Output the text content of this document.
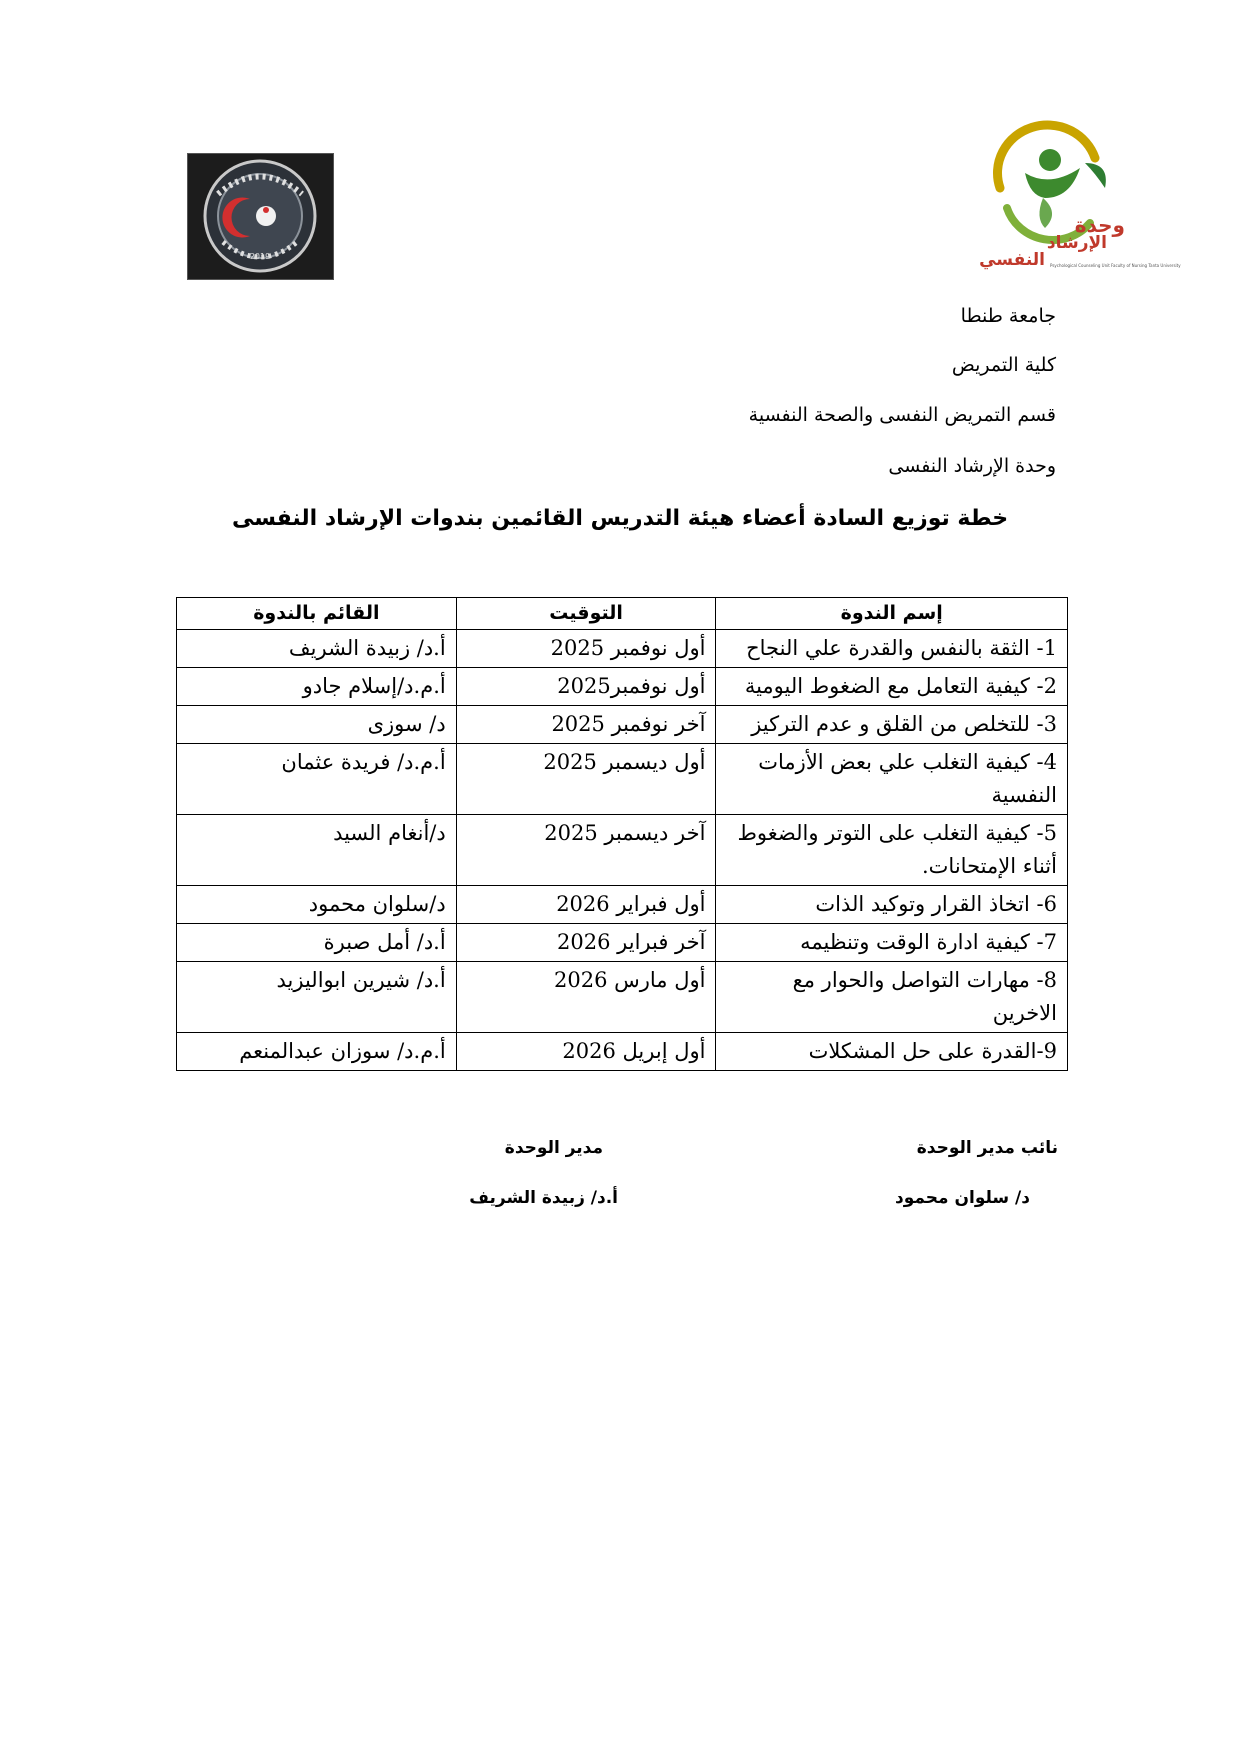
2019
وحدة
الإرشاد
النفسي Psychological Counseling Unit Faculty of Nursing Tanta University
جامعة طنطا
كلية التمريض
قسم التمريض النفسى والصحة النفسية
وحدة الإرشاد النفسى
خطة توزيع السادة أعضاء هيئة التدريس القائمين بندوات الإرشاد النفسى
إسم الندوة	التوقيت	القائم بالندوة
1- الثقة بالنفس والقدرة علي النجاح	أول نوفمبر 2025	أ.د/ زبيدة الشريف
2- كيفية التعامل مع الضغوط اليومية	أول نوفمبر2025	أ.م.د/إسلام جادو
3- للتخلص من القلق و عدم التركيز	آخر نوفمبر 2025	د/ سوزى
4- كيفية التغلب علي بعض الأزمات النفسية	أول ديسمبر 2025	أ.م.د/ فريدة عثمان
5- كيفية التغلب على التوتر والضغوط أثناء الإمتحانات.	آخر ديسمبر 2025	د/أنغام السيد
6- اتخاذ القرار وتوكيد الذات	أول فبراير 2026	د/سلوان محمود
7- كيفية ادارة الوقت وتنظيمه	آخر فبراير 2026	أ.د/ أمل صبرة
8- مهارات التواصل والحوار مع الاخرين	أول مارس 2026	أ.د/ شيرين ابواليزيد
9-القدرة على حل المشكلات	أول إبريل 2026	أ.م.د/ سوزان عبدالمنعم
نائب مدير الوحدة
د/ سلوان محمود
مدير الوحدة
أ.د/ زبيدة الشريف
